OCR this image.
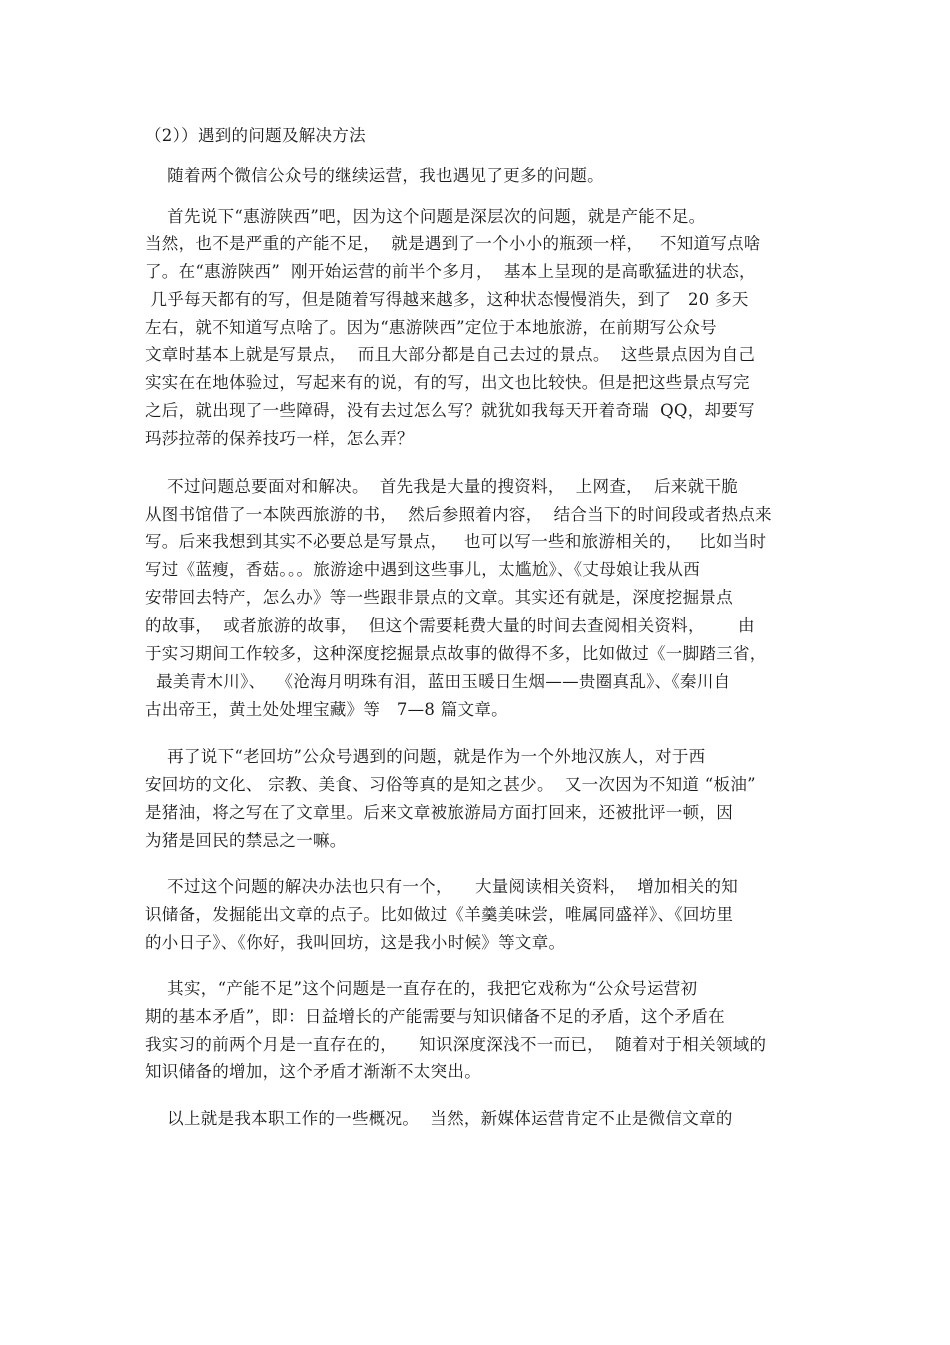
（2））遇到的问题及解决方法
随着两个微信公众号的继续运营，我也遇见了更多的问题。
首先说下“惠游陕西”吧，因为这个问题是深层次的问题，就是产能不足。
当然，也不是严重的产能不足，  就是遇到了一个小小的瓶颈一样，   不知道写点啥
了。在“惠游陕西”  刚开始运营的前半个多月，  基本上呈现的是高歌猛进的状态，
几乎每天都有的写，但是随着写得越来越多，这种状态慢慢消失，到了   20 多天
左右，就不知道写点啥了。因为“惠游陕西”定位于本地旅游，在前期写公众号
文章时基本上就是写景点，  而且大部分都是自己去过的景点。  这些景点因为自己
实实在在地体验过，写起来有的说，有的写，出文也比较快。但是把这些景点写完
之后，就出现了一些障碍，没有去过怎么写？就犹如我每天开着奇瑞  QQ，却要写
玛莎拉蒂的保养技巧一样，怎么弄？
不过问题总要面对和解决。  首先我是大量的搜资料，  上网查，  后来就干脆
从图书馆借了一本陕西旅游的书，  然后参照着内容，  结合当下的时间段或者热点来
写。后来我想到其实不必要总是写景点，   也可以写一些和旅游相关的，   比如当时
写过《蓝瘦，香菇。。。旅游途中遇到这些事儿，太尴尬》、《丈母娘让我从西
安带回去特产，怎么办》等一些跟非景点的文章。其实还有就是，深度挖掘景点
的故事，  或者旅游的故事，  但这个需要耗费大量的时间去查阅相关资料，      由
于实习期间工作较多，这种深度挖掘景点故事的做得不多，比如做过《一脚踏三省，
最美青木川》、  《沧海月明珠有泪，蓝田玉暖日生烟——贵圈真乱》、《秦川自
古出帝王，黄土处处埋宝藏》等   7—8 篇文章。
再了说下“老回坊”公众号遇到的问题，就是作为一个外地汉族人，对于西
安回坊的文化、 宗教、美食、习俗等真的是知之甚少。  又一次因为不知道 “板油”
是猪油，将之写在了文章里。后来文章被旅游局方面打回来，还被批评一顿，因
为猪是回民的禁忌之一嘛。
不过这个问题的解决办法也只有一个，    大量阅读相关资料，  增加相关的知
识储备，发掘能出文章的点子。比如做过《羊羹美味尝，唯属同盛祥》、《回坊里
的小日子》、《你好，我叫回坊，这是我小时候》等文章。
其实，“产能不足”这个问题是一直存在的，我把它戏称为“公众号运营初
期的基本矛盾”，即：日益增长的产能需要与知识储备不足的矛盾，这个矛盾在
我实习的前两个月是一直存在的，    知识深度深浅不一而已，  随着对于相关领域的
知识储备的增加，这个矛盾才渐渐不太突出。
以上就是我本职工作的一些概况。  当然，新媒体运营肯定不止是微信文章的
